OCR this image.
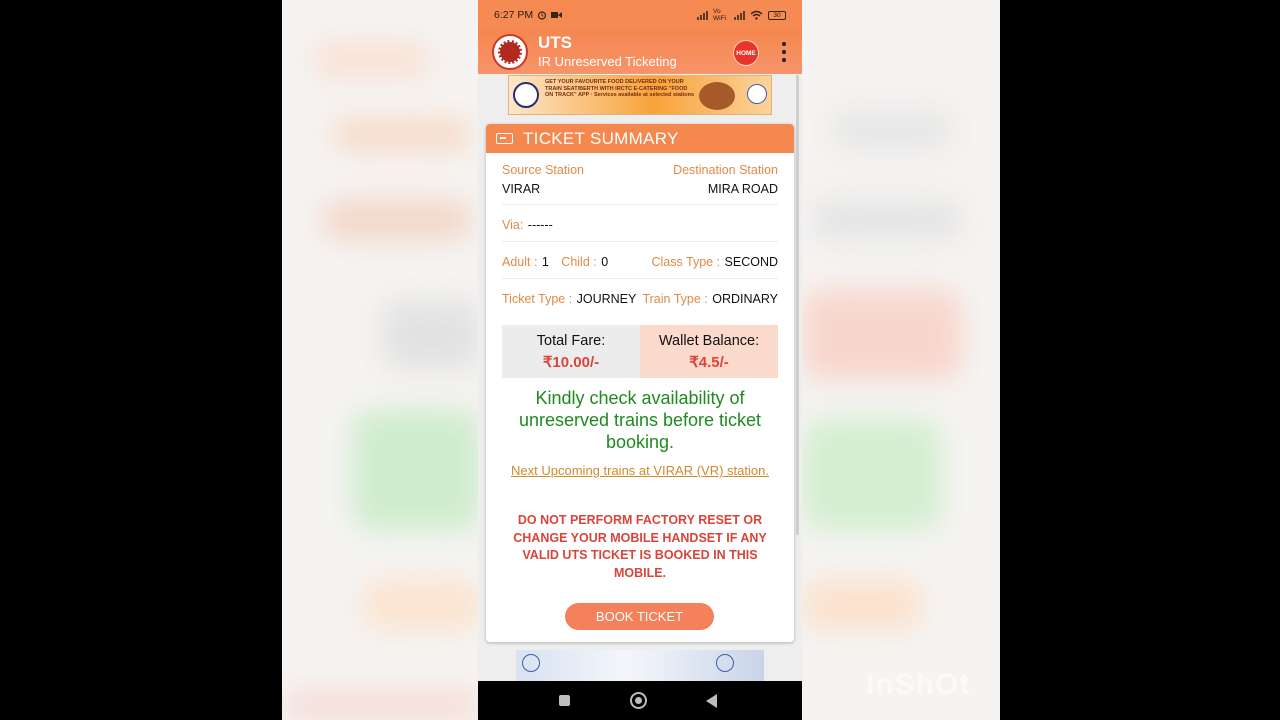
6:27 PM	Vo WiFi	30
UTS
IR Unreserved Ticketing
HOME
GET YOUR FAVOURITE FOOD DELIVERED ON YOUR TRAIN SEAT/BERTH WITH IRCTC E-CATERING "FOOD ON TRACK" APP · Services available at selected stations
TICKET SUMMARY
Source Station	Destination Station
VIRAR	MIRA ROAD
Via: ------
Adult : 1 Child : 0	Class Type : SECOND
Ticket Type : JOURNEY Train Type : ORDINARY
Total Fare:
₹10.00/-
Wallet Balance:
₹4.5/-
Kindly check availability of unreserved trains before ticket booking.
Next Upcoming trains at VIRAR (VR) station.
DO NOT PERFORM FACTORY RESET OR CHANGE YOUR MOBILE HANDSET IF ANY VALID UTS TICKET IS BOOKED IN THIS MOBILE.
BOOK TICKET
InShOt
